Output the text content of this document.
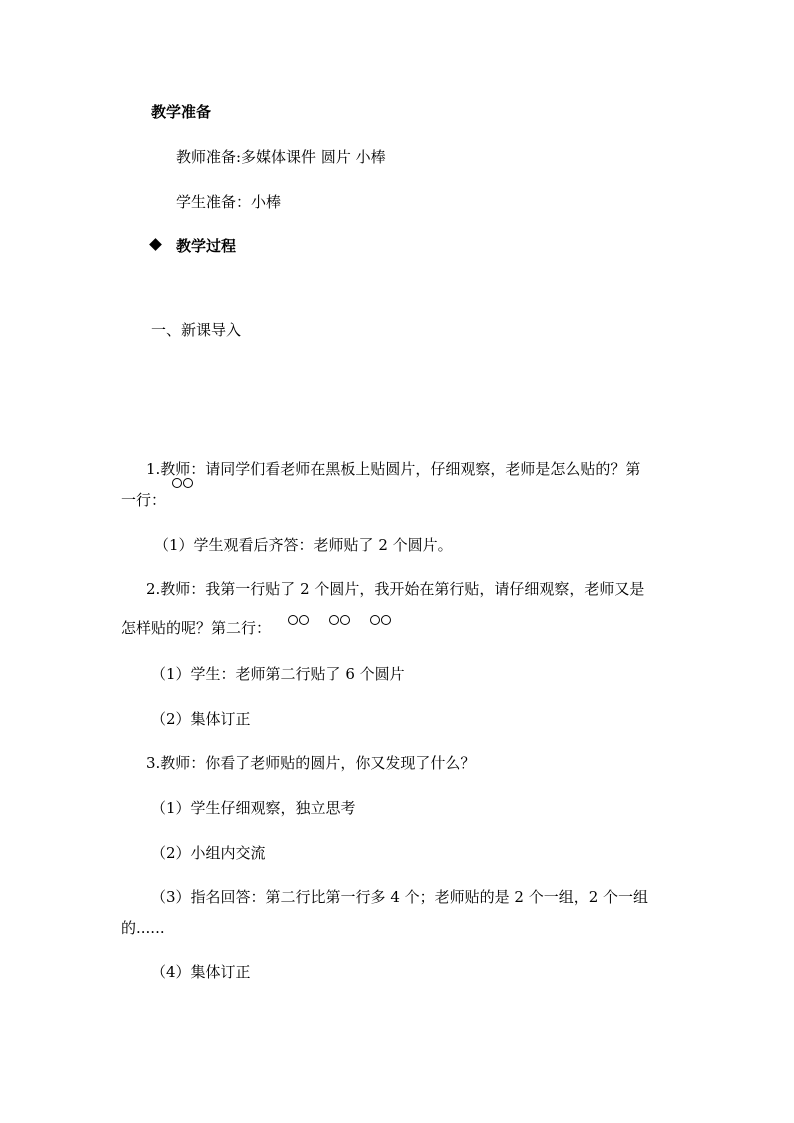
教学准备
教师准备:多媒体课件 圆片 小棒
学生准备：小棒
教学过程
一、新课导入
1.教师：请同学们看老师在黑板上贴圆片，仔细观察，老师是怎么贴的？第
一行：
（1）学生观看后齐答：老师贴了 2 个圆片。
2.教师：我第一行贴了 2 个圆片，我开始在第行贴，请仔细观察，老师又是
怎样贴的呢？第二行：
（1）学生：老师第二行贴了 6 个圆片
（2）集体订正
3.教师：你看了老师贴的圆片，你又发现了什么？
（1）学生仔细观察，独立思考
（2）小组内交流
（3）指名回答：第二行比第一行多 4 个；老师贴的是 2 个一组，2 个一组
的......
（4）集体订正
